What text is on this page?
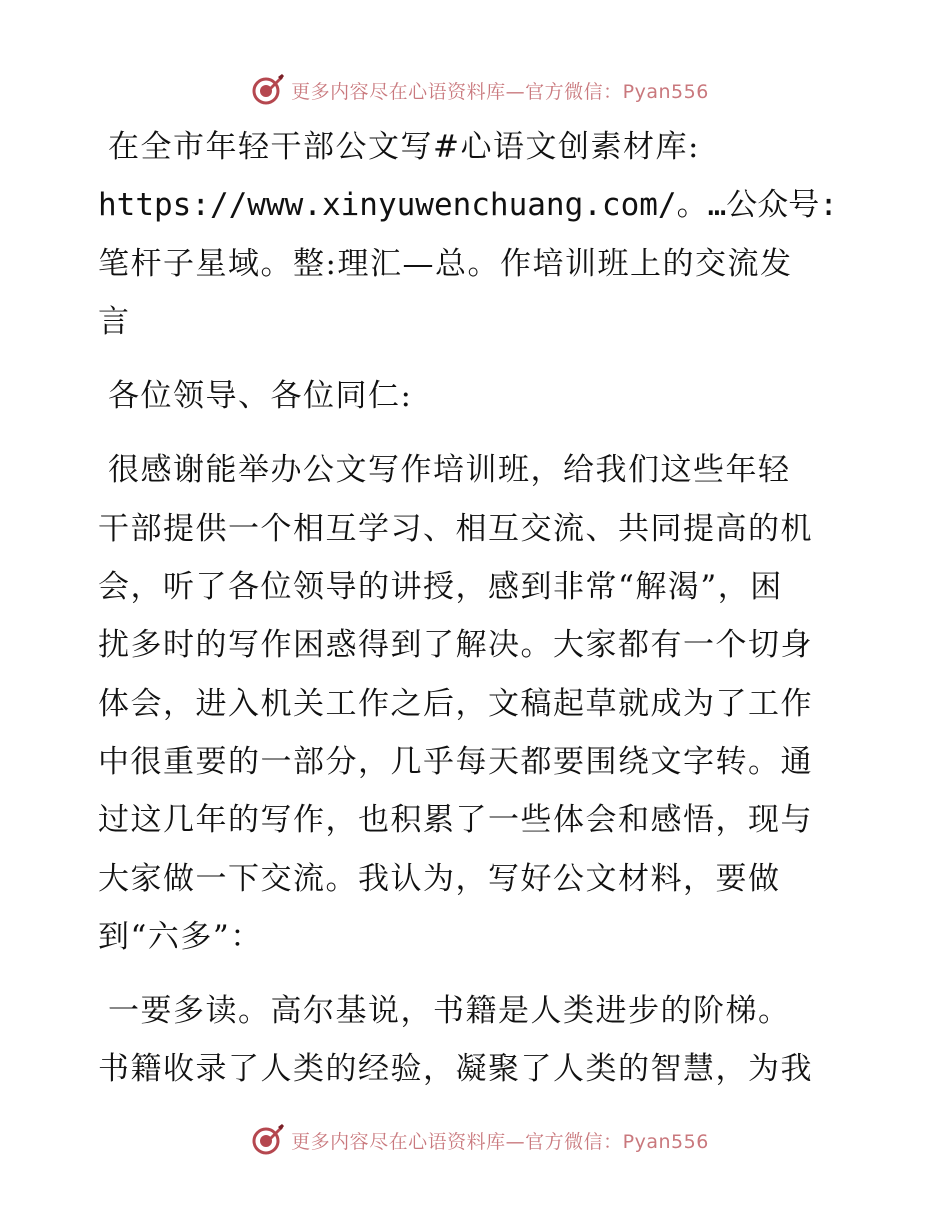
更多内容尽在心语资料库—官方微信：Pyan556

在全市年轻干部公文写#心语文创素材库:

https://www.xinyuwenchuang.com/。…公众号:

笔杆子星域。整:理汇—总。作培训班上的交流发

言

各位领导、各位同仁:

很感谢能举办公文写作培训班，给我们这些年轻

干部提供一个相互学习、相互交流、共同提高的机

会，听了各位领导的讲授，感到非常“解渴”，困

扰多时的写作困惑得到了解决。大家都有一个切身

体会，进入机关工作之后，文稿起草就成为了工作

中很重要的一部分，几乎每天都要围绕文字转。通

过这几年的写作，也积累了一些体会和感悟，现与

大家做一下交流。我认为，写好公文材料，要做

到“六多”：

一要多读。高尔基说，书籍是人类进步的阶梯。

书籍收录了人类的经验，凝聚了人类的智慧，为我

更多内容尽在心语资料库—官方微信：Pyan556
